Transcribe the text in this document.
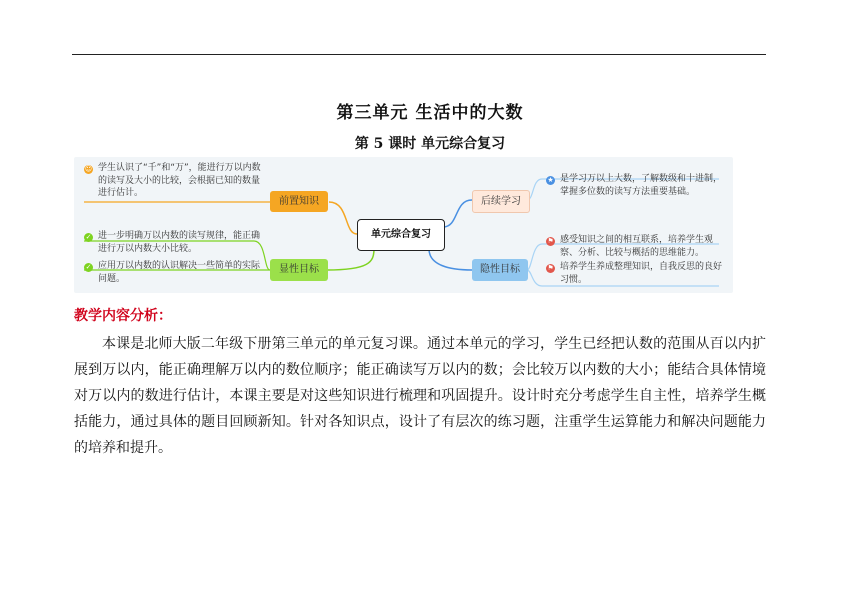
第三单元 生活中的大数
第 5 课时 单元综合复习
☺ 学生认识了“千”和“万”，能进行万以内数的读写及大小的比较，会根据已知的数量进行估计。
✓ 进一步明确万以内数的读写规律，能正确进行万以内数大小比较。
✓ 应用万以内数的认识解决一些简单的实际问题。
★ 是学习万以上大数，了解数级和十进制，掌握多位数的读写方法重要基础。
⚑ 感受知识之间的相互联系，培养学生观察、分析、比较与概括的思维能力。
⚑ 培养学生养成整理知识，自我反思的良好习惯。
前置知识
显性目标
后续学习
隐性目标
单元综合复习
教学内容分析：
本课是北师大版二年级下册第三单元的单元复习课。通过本单元的学习，学生已经把认数的范围从百以内扩展到万以内，能正确理解万以内的数位顺序；能正确读写万以内的数；会比较万以内数的大小；能结合具体情境对万以内的数进行估计，本课主要是对这些知识进行梳理和巩固提升。设计时充分考虑学生自主性，培养学生概括能力，通过具体的题目回顾新知。针对各知识点，设计了有层次的练习题，注重学生运算能力和解决问题能力的培养和提升。
